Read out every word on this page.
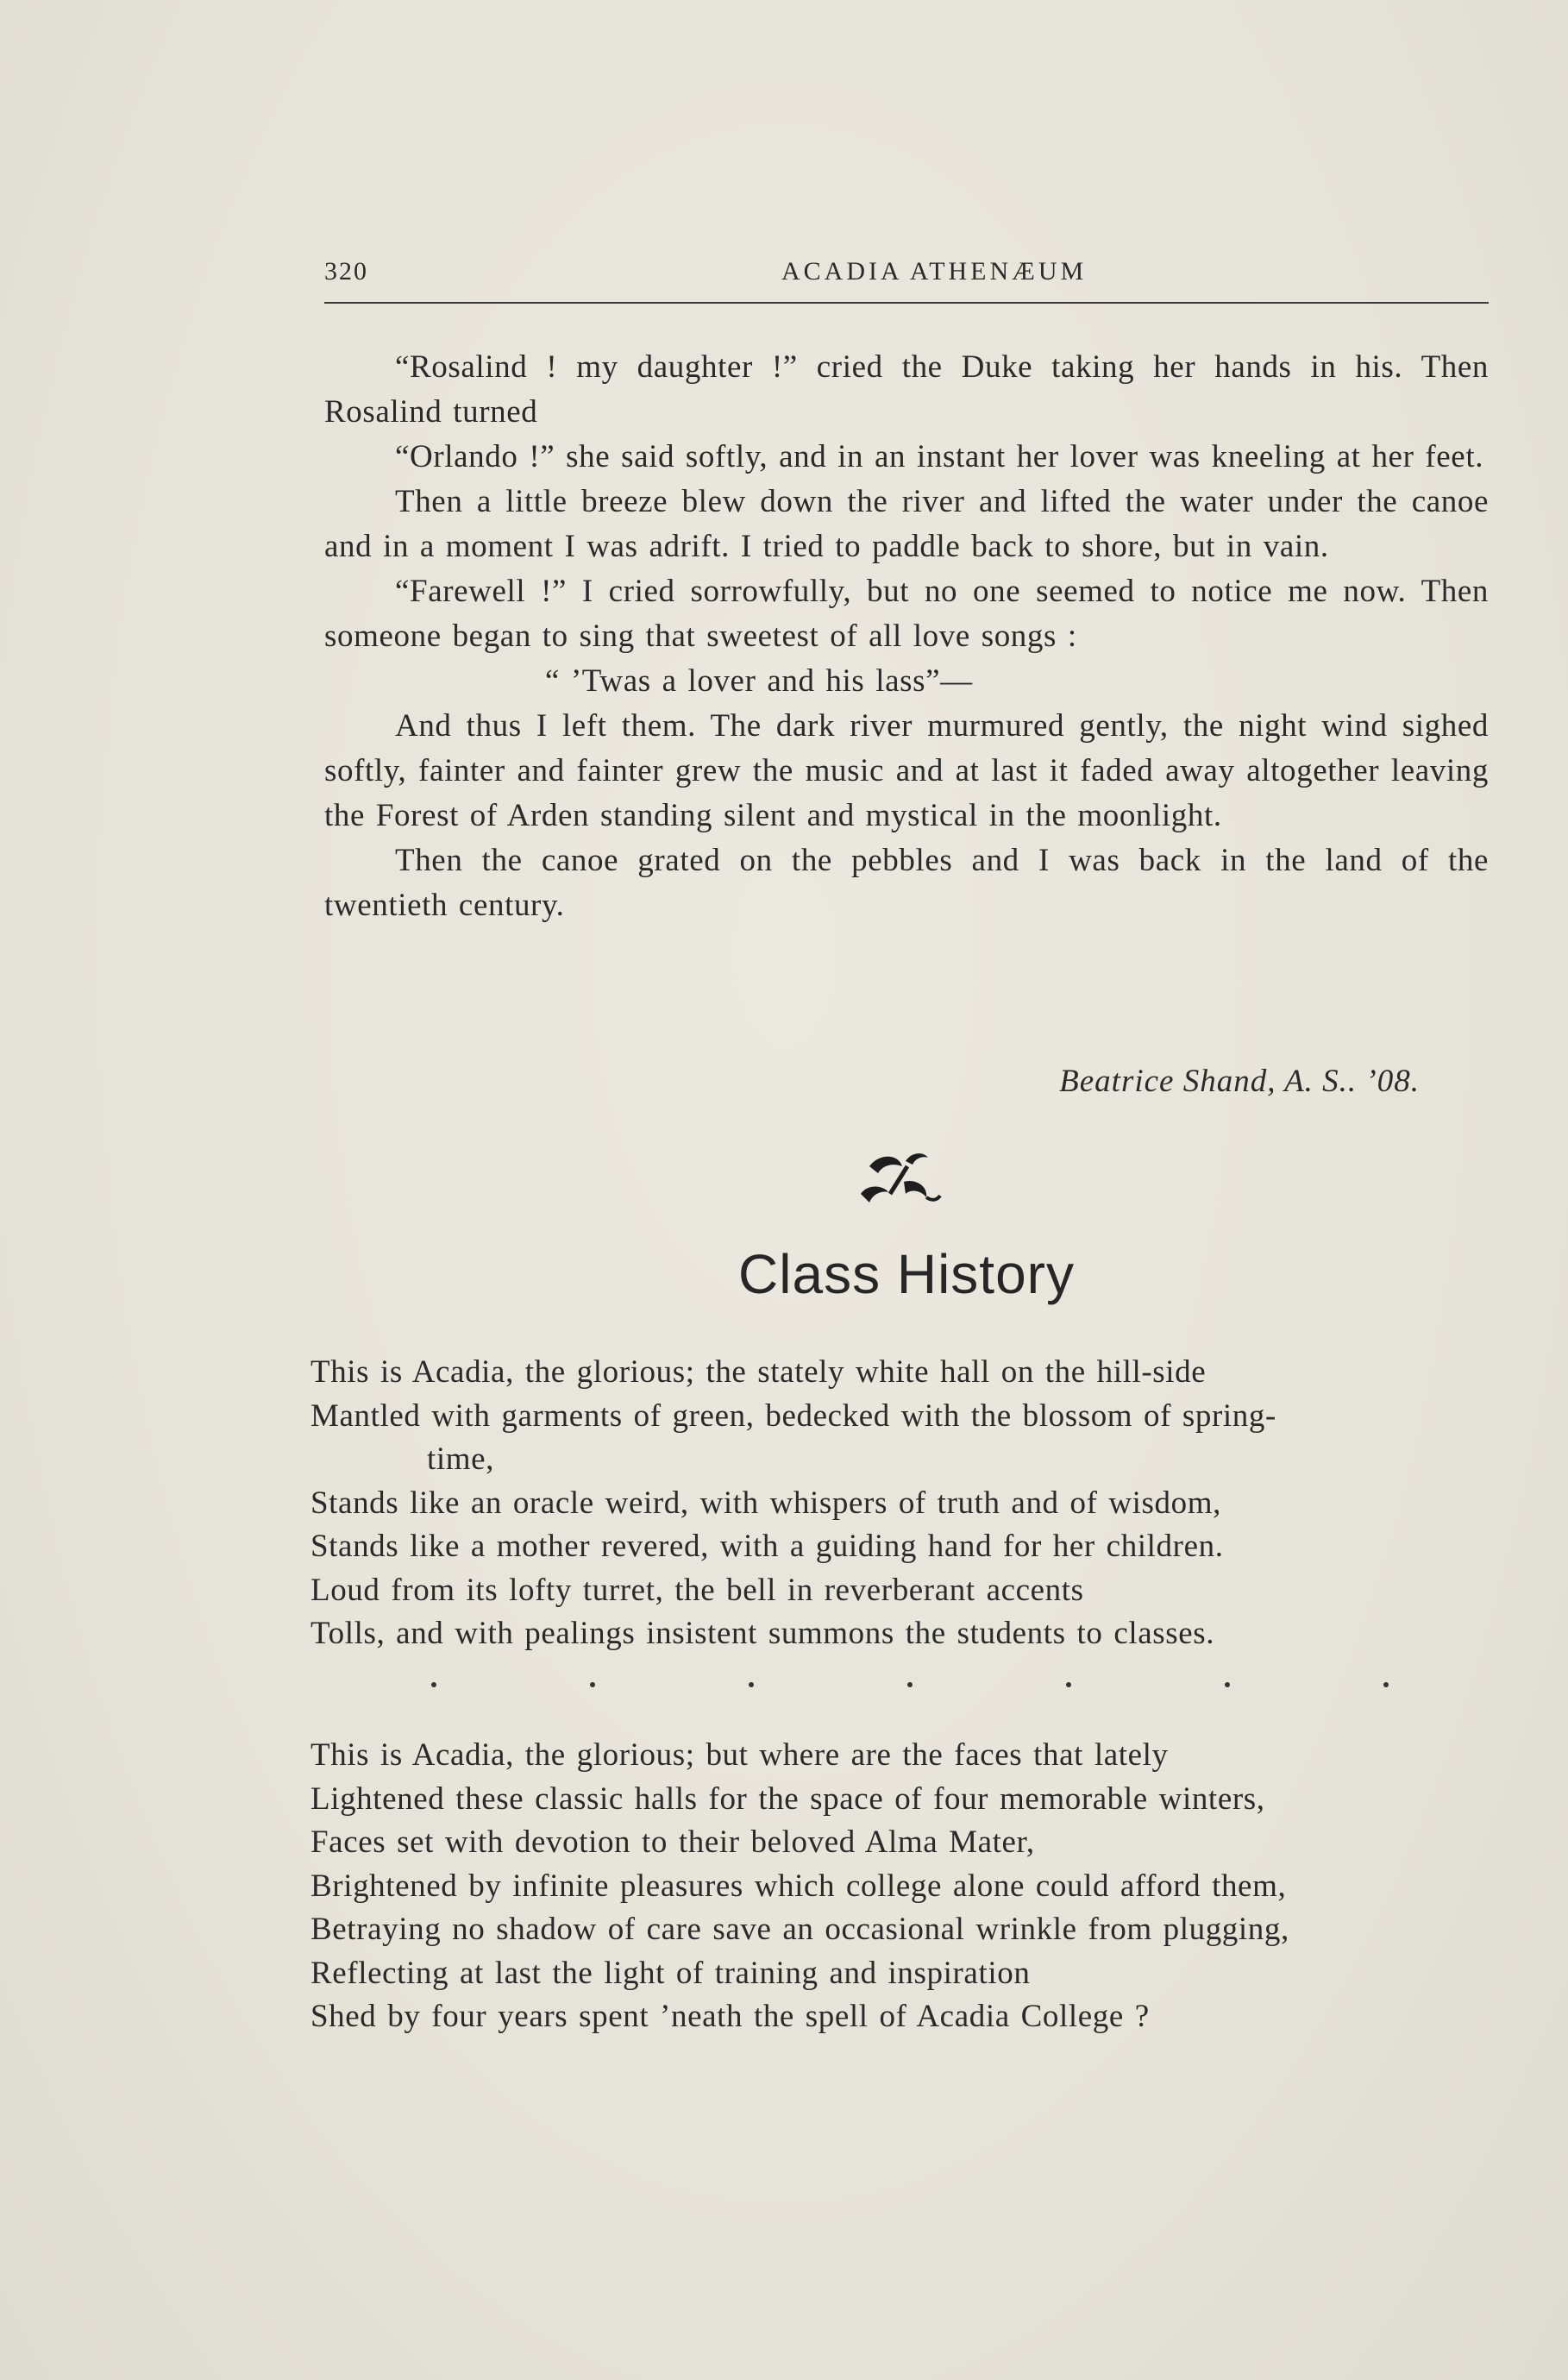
320	ACADIA ATHENÆUM

“Rosalind ! my daughter !” cried the Duke taking her hands in his. Then Rosalind turned

“Orlando !” she said softly, and in an instant her lover was kneeling at her feet.

Then a little breeze blew down the river and lifted the water under the canoe and in a moment I was adrift. I tried to paddle back to shore, but in vain.

“Farewell !” I cried sorrowfully, but no one seemed to notice me now. Then someone began to sing that sweetest of all love songs :

“ ’Twas a lover and his lass”—

And thus I left them. The dark river murmured gently, the night wind sighed softly, fainter and fainter grew the music and at last it faded away altogether leaving the Forest of Arden standing silent and mystical in the moonlight.

Then the canoe grated on the pebbles and I was back in the land of the twentieth century.

Beatrice Shand, A. S.. ’08.
Class History
This is Acadia, the glorious; the stately white hall on the hill-side
Mantled with garments of green, bedecked with the blossom of spring-
time,
Stands like an oracle weird, with whispers of truth and of wisdom,
Stands like a mother revered, with a guiding hand for her children.
Loud from its lofty turret, the bell in reverberant accents
Tolls, and with pealings insistent summons the students to classes.
This is Acadia, the glorious; but where are the faces that lately
Lightened these classic halls for the space of four memorable winters,
Faces set with devotion to their beloved Alma Mater,
Brightened by infinite pleasures which college alone could afford them,
Betraying no shadow of care save an occasional wrinkle from plugging,
Reflecting at last the light of training and inspiration
Shed by four years spent ’neath the spell of Acadia College ?
